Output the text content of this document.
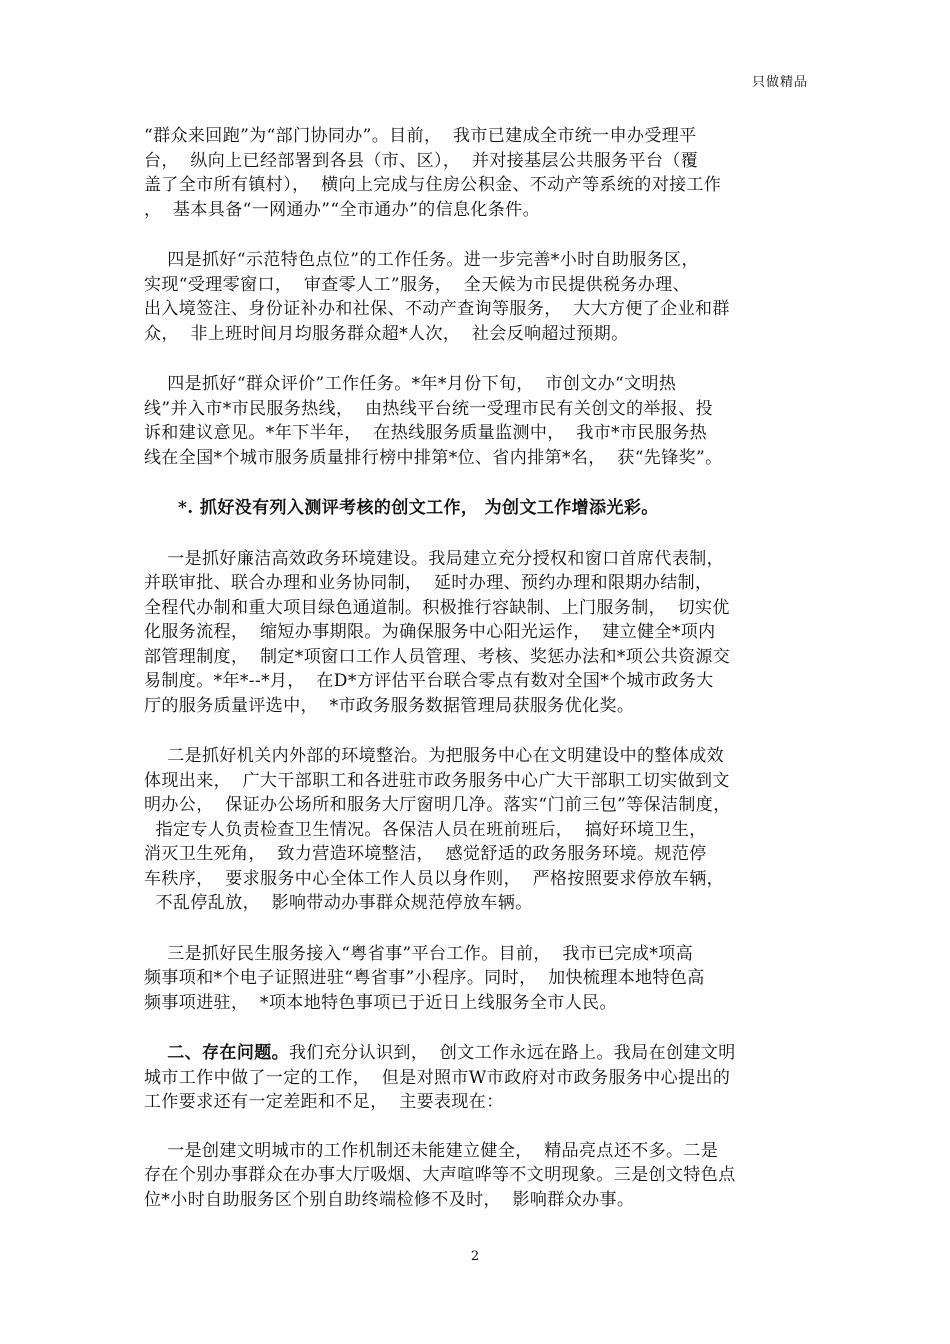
只做精品

“群众来回跑”为“部门协同办”。目前，  我市已建成全市统一申办受理平
台，  纵向上已经部署到各县（市、区），  并对接基层公共服务平台（覆
盖了全市所有镇村），  横向上完成与住房公积金、不动产等系统的对接工作
，  基本具备“一网通办”“全市通办”的信息化条件。

四是抓好“示范特色点位”的工作任务。进一步完善*小时自助服务区，
实现“受理零窗口，  审查零人工”服务，  全天候为市民提供税务办理、
出入境签注、身份证补办和社保、不动产查询等服务，  大大方便了企业和群
众，  非上班时间月均服务群众超*人次，  社会反响超过预期。

四是抓好“群众评价”工作任务。*年*月份下旬，  市创文办“文明热
线”并入市*市民服务热线，  由热线平台统一受理市民有关创文的举报、投
诉和建议意见。*年下半年，  在热线服务质量监测中，  我市*市民服务热
线在全国*个城市服务质量排行榜中排第*位、省内排第*名，  获“先锋奖”。

*. 抓好没有列入测评考核的创文工作， 为创文工作增添光彩。

一是抓好廉洁高效政务环境建设。我局建立充分授权和窗口首席代表制，
并联审批、联合办理和业务协同制，  延时办理、预约办理和限期办结制，
全程代办制和重大项目绿色通道制。积极推行容缺制、上门服务制，  切实优
化服务流程，  缩短办事期限。为确保服务中心阳光运作，  建立健全*项内
部管理制度，  制定*项窗口工作人员管理、考核、奖惩办法和*项公共资源交
易制度。*年*--*月，  在D*方评估平台联合零点有数对全国*个城市政务大
厅的服务质量评选中，  *市政务服务数据管理局获服务优化奖。

二是抓好机关内外部的环境整治。为把服务中心在文明建设中的整体成效
体现出来，  广大干部职工和各进驻市政务服务中心广大干部职工切实做到文
明办公，  保证办公场所和服务大厅窗明几净。落实“门前三包”等保洁制度，
指定专人负责检查卫生情况。各保洁人员在班前班后，  搞好环境卫生，
消灭卫生死角，  致力营造环境整洁，  感觉舒适的政务服务环境。规范停
车秩序，  要求服务中心全体工作人员以身作则，  严格按照要求停放车辆，
不乱停乱放，  影响带动办事群众规范停放车辆。

三是抓好民生服务接入“粤省事”平台工作。目前，  我市已完成*项高
频事项和*个电子证照进驻“粤省事”小程序。同时，  加快梳理本地特色高
频事项进驻，  *项本地特色事项已于近日上线服务全市人民。

二、存在问题。我们充分认识到，  创文工作永远在路上。我局在创建文明
城市工作中做了一定的工作，  但是对照市W市政府对市政务服务中心提出的
工作要求还有一定差距和不足，  主要表现在：

一是创建文明城市的工作机制还未能建立健全，  精品亮点还不多。二是
存在个别办事群众在办事大厅吸烟、大声喧哗等不文明现象。三是创文特色点
位*小时自助服务区个别自助终端检修不及时，  影响群众办事。

2
